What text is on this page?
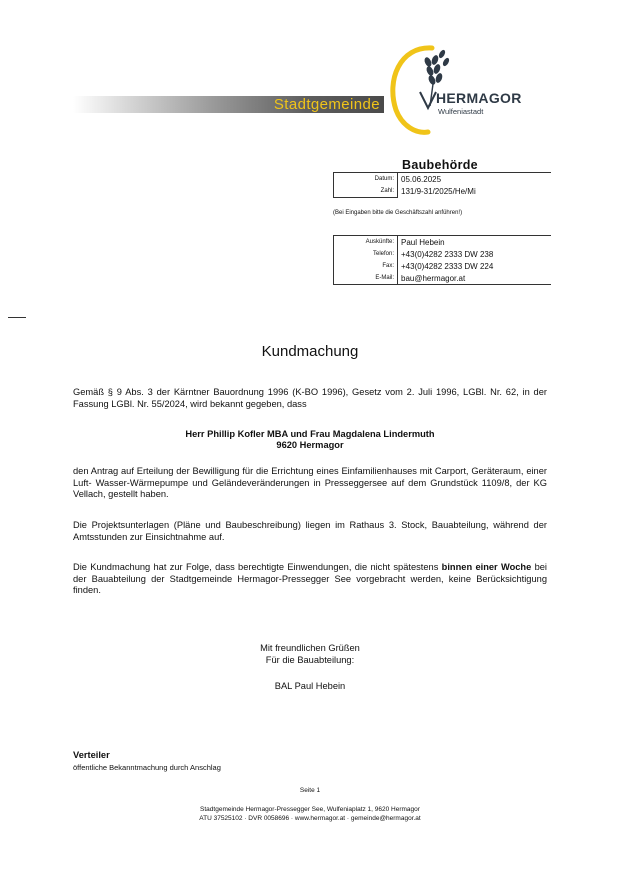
Stadtgemeinde	HERMAGOR
Wulfeniastadt
Baubehörde
Datum:	05.06.2025
Zahl:	131/9-31/2025/He/Mi
(Bei Eingaben bitte die Geschäftszahl anführen!)
Auskünfte:	Paul Hebein
Telefon:	+43(0)4282 2333 DW 238
Fax:	+43(0)4282 2333 DW 224
E-Mail:	bau@hermagor.at
Kundmachung
Gemäß § 9 Abs. 3 der Kärntner Bauordnung 1996 (K-BO 1996), Gesetz vom 2. Juli 1996, LGBl. Nr. 62, in der Fassung LGBl. Nr. 55/2024, wird bekannt gegeben, dass
Herr Phillip Kofler MBA und Frau Magdalena Lindermuth
9620 Hermagor
den Antrag auf Erteilung der Bewilligung für die Errichtung eines Einfamilienhauses mit Carport, Geräteraum, einer Luft- Wasser-Wärmepumpe und Geländeveränderungen in Presseggersee auf dem Grundstück 1109/8, der KG Vellach, gestellt haben.
Die Projektsunterlagen (Pläne und Baubeschreibung) liegen im Rathaus 3. Stock, Bauabteilung, während der Amtsstunden zur Einsichtnahme auf.
Die Kundmachung hat zur Folge, dass berechtigte Einwendungen, die nicht spätestens binnen einer Woche bei der Bauabteilung der Stadtgemeinde Hermagor-Pressegger See vorgebracht werden, keine Berücksichtigung finden.
Mit freundlichen Grüßen
Für die Bauabteilung:
BAL Paul Hebein
Verteiler
öffentliche Bekanntmachung durch Anschlag
Seite 1
Stadtgemeinde Hermagor-Pressegger See, Wulfeniaplatz 1, 9620 Hermagor
ATU 37525102 · DVR 0058696 · www.hermagor.at · gemeinde@hermagor.at
